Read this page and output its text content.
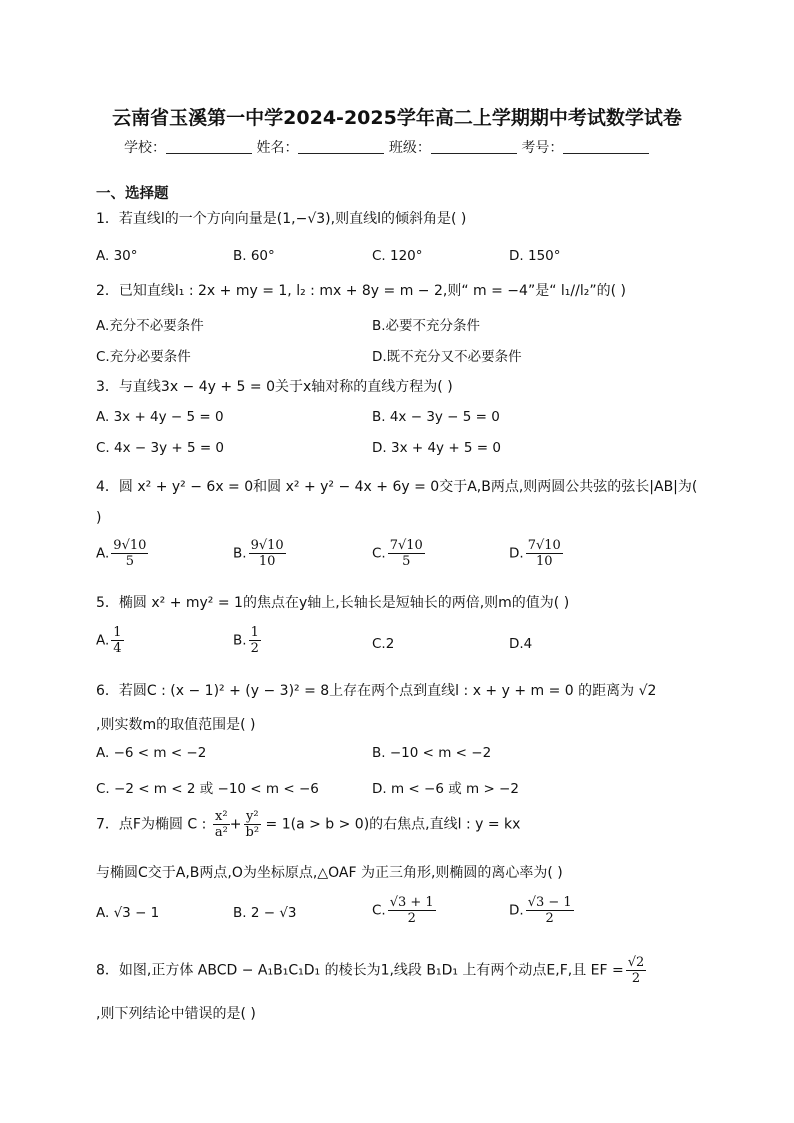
云南省玉溪第一中学2024-2025学年高二上学期期中考试数学试卷
学校：	姓名：	班级：	考号：
一、选择题
1．若直线l的一个方向向量是(1,−√3),则直线l的倾斜角是( )
A. 30°	B. 60°	C. 120°	D. 150°
2．已知直线l₁ : 2x + my = 1, l₂ : mx + 8y = m − 2,则“ m = −4”是“ l₁//l₂”的( )
A.充分不必要条件	B.必要不充分条件
C.充分必要条件	D.既不充分又不必要条件
3．与直线3x − 4y + 5 = 0关于x轴对称的直线方程为( )
A. 3x + 4y − 5 = 0	B. 4x − 3y − 5 = 0
C. 4x − 3y + 5 = 0	D. 3x + 4y + 5 = 0
4．圆 x² + y² − 6x = 0和圆 x² + y² − 4x + 6y = 0交于A,B两点,则两圆公共弦的弦长|AB|为(
)
A. $\frac{9√10}{5}$	B. $\frac{9√10}{10}$	C. $\frac{7√10}{5}$	D. $\frac{7√10}{10}$
5．椭圆 x² + my² = 1的焦点在y轴上,长轴长是短轴长的两倍,则m的值为( )
A. $\frac{1}{4}$	B. $\frac{1}{2}$	C.2	D.4
6．若圆C : (x − 1)² + (y − 3)² = 8上存在两个点到直线l : x + y + m = 0 的距离为 √2
,则实数m的取值范围是( )
A. −6 < m < −2	B. −10 < m < −2
C. −2 < m < 2 或 −10 < m < −6	D. m < −6 或 m > −2
7．点F为椭圆 C : $\frac{\text{x²}}{\text{a²}} + \frac{\text{y²}}{\text{b²}} = 1(a > b > 0)$的右焦点,直线l : y = kx
与椭圆C交于A,B两点,O为坐标原点,△OAF 为正三角形,则椭圆的离心率为( )
A. √3 − 1	B. 2 − √3	C. $\frac{√3 + 1}{2}$	D. $\frac{√3 - 1}{2}$
8．如图,正方体 ABCD − A₁B₁C₁D₁ 的棱长为1,线段 B₁D₁ 上有两个动点E,F,且 EF = $\frac{√2}{2}$
,则下列结论中错误的是( )
